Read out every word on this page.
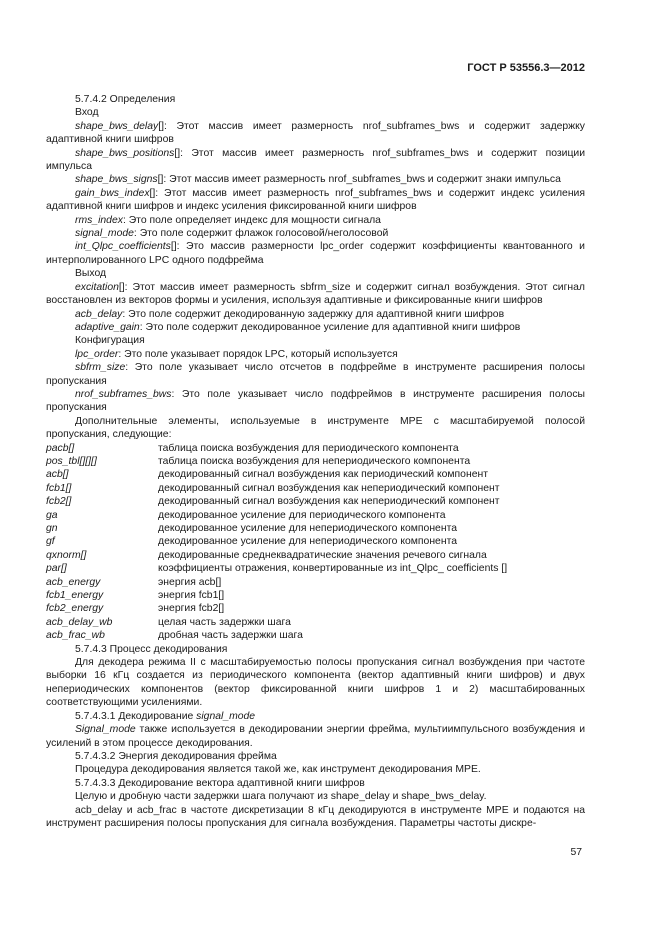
ГОСТ Р 53556.3—2012

5.7.4.2 Определения

Вход

shape_bws_delay[]: Этот массив имеет размерность nrof_subframes_bws и содержит задержку адаптивной книги шифров

shape_bws_positions[]: Этот массив имеет размерность nrof_subframes_bws и содержит позиции импульса

shape_bws_signs[]: Этот массив имеет размерность nrof_subframes_bws и содержит знаки импульса

gain_bws_index[]: Этот массив имеет размерность nrof_subframes_bws и содержит индекс усиления адаптивной книги шифров и индекс усиления фиксированной книги шифров

rms_index: Это поле определяет индекс для мощности сигнала

signal_mode: Это поле содержит флажок голосовой/неголосовой

int_Qlpc_coefficients[]: Это массив размерности lpc_order содержит коэффициенты квантованного и интерполированного LPC одного подфрейма

Выход

excitation[]: Этот массив имеет размерность sbfrm_size и содержит сигнал возбуждения. Этот сигнал восстановлен из векторов формы и усиления, используя адаптивные и фиксированные книги шифров

acb_delay: Это поле содержит декодированную задержку для адаптивной книги шифров

adaptive_gain: Это поле содержит декодированное усиление для адаптивной книги шифров

Конфигурация

lpc_order: Это поле указывает порядок LPC, который используется

sbfrm_size: Это поле указывает число отсчетов в подфрейме в инструменте расширения полосы пропускания

nrof_subframes_bws: Это поле указывает число подфреймов в инструменте расширения полосы пропускания

Дополнительные элементы, используемые в инструменте MPE с масштабируемой полосой пропускания, следующие:

pacb[]	таблица поиска возбуждения для периодического компонента
pos_tbl[][][]	таблица поиска возбуждения для непериодического компонента
acb[]	декодированный сигнал возбуждения как периодический компонент
fcb1[]	декодированный сигнал возбуждения как непериодический компонент
fcb2[]	декодированный сигнал возбуждения как непериодический компонент
ga	декодированное усиление для периодического компонента
gn	декодированное усиление для непериодического компонента
gf	декодированное усиление для непериодического компонента
qxnorm[]	декодированные среднеквадратические значения речевого сигнала
par[]	коэффициенты отражения, конвертированные из int_Qlpc_ coefficients []
acb_energy	энергия acb[]
fcb1_energy	энергия fcb1[]
fcb2_energy	энергия fcb2[]
acb_delay_wb	целая часть задержки шага
acb_frac_wb	дробная часть задержки шага

5.7.4.3 Процесс декодирования

Для декодера режима II с масштабируемостью полосы пропускания сигнал возбуждения при частоте выборки 16 кГц создается из периодического компонента (вектор адаптивный книги шифров) и двух непериодических компонентов (вектор фиксированной книги шифров 1 и 2) масштабированных соответствующими усилениями.

5.7.4.3.1 Декодирование signal_mode

Signal_mode также используется в декодировании энергии фрейма, мультиимпульсного возбуждения и усилений в этом процессе декодирования.

5.7.4.3.2 Энергия декодирования фрейма

Процедура декодирования является такой же, как инструмент декодирования MPE.

5.7.4.3.3 Декодирование вектора адаптивной книги шифров

Целую и дробную части задержки шага получают из shape_delay и shape_bws_delay.

acb_delay и acb_frac в частоте дискретизации 8 кГц декодируются в инструменте MPE и подаются на инструмент расширения полосы пропускания для сигнала возбуждения. Параметры частоты дискре-

57
